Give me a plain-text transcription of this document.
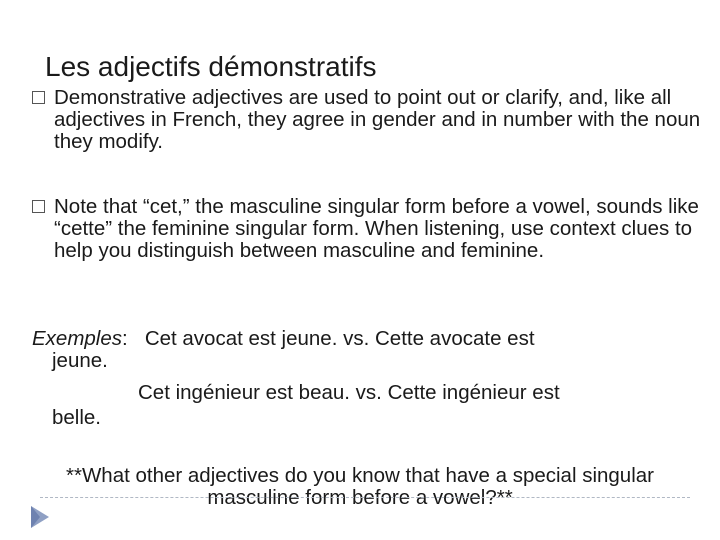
Les adjectifs démonstratifs
Demonstrative adjectives are used to point out or clarify, and, like all adjectives in French, they agree in gender and in number with the noun they modify.
Note that “cet,” the masculine singular form before a vowel, sounds like “cette” the feminine singular form. When listening, use context clues to help you distinguish between masculine and feminine.
Exemples: Cet avocat est jeune. vs. Cette avocate est
jeune.
Cet ingénieur est beau. vs. Cette ingénieur est
belle.
**What other adjectives do you know that have a special singular masculine form before a vowel?**
